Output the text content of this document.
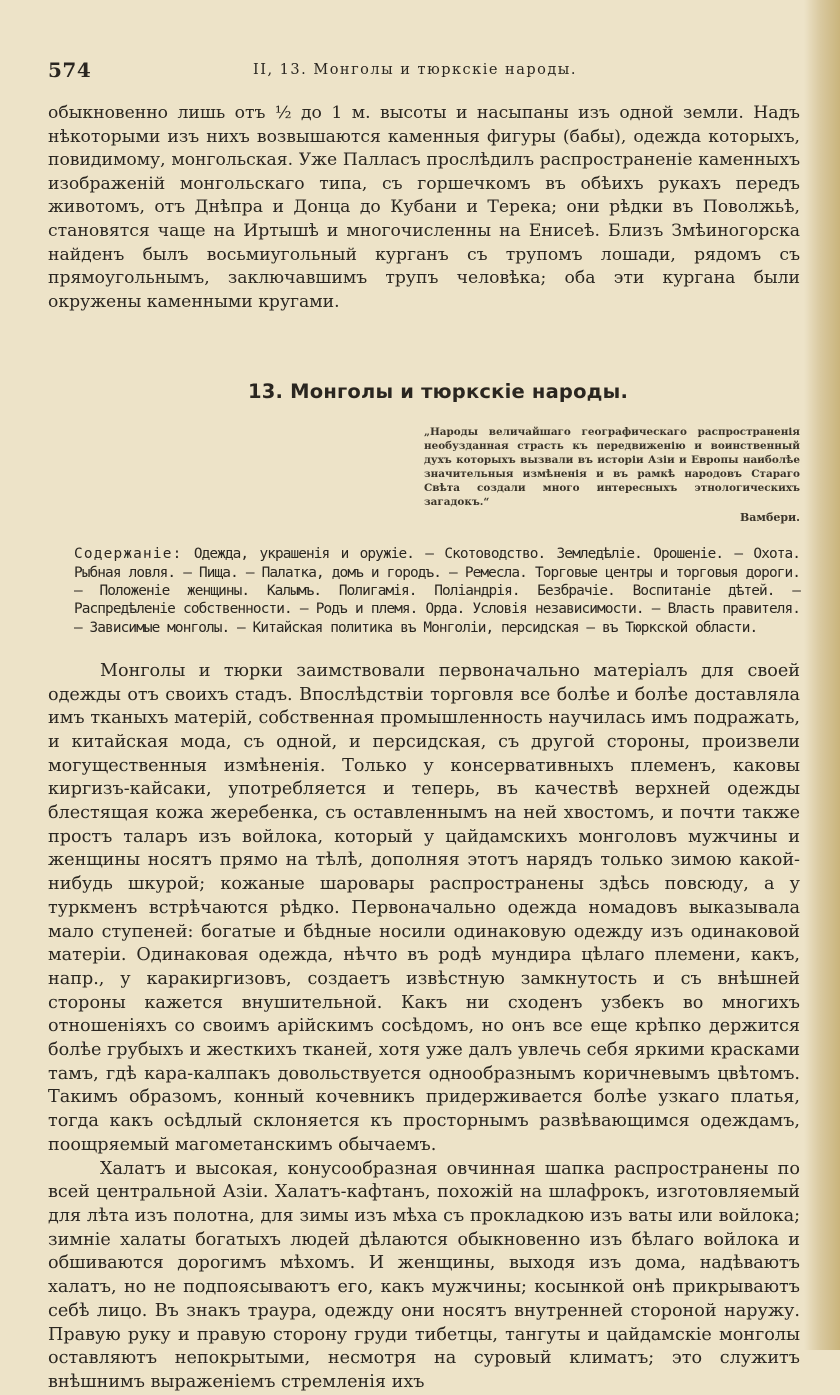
574	II, 13. Монголы и тюркскіе народы.

обыкновенно лишь отъ ½ до 1 м. высоты и насыпаны изъ одной земли. Надъ нѣкоторыми изъ нихъ возвышаются каменныя фигуры (бабы), одежда которыхъ, повидимому, монгольская. Уже Палласъ прослѣдилъ распространеніе каменныхъ изображеній монгольскаго типа, съ горшечкомъ въ обѣихъ рукахъ передъ животомъ, отъ Днѣпра и Донца до Кубани и Терека; они рѣдки въ Поволжьѣ, становятся чаще на Иртышѣ и многочисленны на Енисеѣ. Близъ Змѣиногорска найденъ былъ восьмиугольный курганъ съ трупомъ лошади, рядомъ съ прямоугольнымъ, заключавшимъ трупъ человѣка; оба эти кургана были окружены каменными кругами.

13. Монголы и тюркскіе народы.
„Народы величайшаго географическаго распространенія необузданная страсть къ передвиженію и воинственный духъ которыхъ вызвали въ исторіи Азіи и Европы наиболѣе значительныя измѣненія и въ рамкѣ народовъ Стараго Свѣта создали много интересныхъ этнологическихъ загадокъ.“
Вамбери.
Содержаніе: Одежда, украшенія и оружіе. — Скотоводство. Земледѣліе. Орошеніе. — Охота. Рыбная ловля. — Пища. — Палатка, домъ и городъ. — Ремесла. Торговые центры и торговыя дороги. — Положеніе женщины. Калымъ. Полигамія. Поліандрія. Безбрачіе. Воспитаніе дѣтей. — Распредѣленіе собственности. — Родъ и племя. Орда. Условія независимости. — Власть правителя. — Зависимые монголы. — Китайская политика въ Монголіи, персидская — въ Тюркской области.

Монголы и тюрки заимствовали первоначально матеріалъ для своей одежды отъ своихъ стадъ. Впослѣдствіи торговля все болѣе и болѣе доставляла имъ тканыхъ матерій, собственная промышленность научилась имъ подражать, и китайская мода, съ одной, и персидская, съ другой стороны, произвели могущественныя измѣненія. Только у консервативныхъ племенъ, каковы киргизъ-кайсаки, употребляется и теперь, въ качествѣ верхней одежды блестящая кожа жеребенка, съ оставленнымъ на ней хвостомъ, и почти также простъ таларъ изъ войлока, который у цайдамскихъ монголовъ мужчины и женщины носятъ прямо на тѣлѣ, дополняя этотъ нарядъ только зимою какой-нибудь шкурой; кожаные шаровары распространены здѣсь повсюду, а у туркменъ встрѣчаются рѣдко. Первоначально одежда номадовъ выказывала мало ступеней: богатые и бѣдные носили одинаковую одежду изъ одинаковой матеріи. Одинаковая одежда, нѣчто въ родѣ мундира цѣлаго племени, какъ, напр., у каракиргизовъ, создаетъ извѣстную замкнутость и съ внѣшней стороны кажется внушительной. Какъ ни сходенъ узбекъ во многихъ отношеніяхъ со своимъ арійскимъ сосѣдомъ, но онъ все еще крѣпко держится болѣе грубыхъ и жесткихъ тканей, хотя уже далъ увлечь себя яркими красками тамъ, гдѣ кара-калпакъ довольствуется однообразнымъ коричневымъ цвѣтомъ. Такимъ образомъ, конный кочевникъ придерживается болѣе узкаго платья, тогда какъ осѣдлый склоняется къ просторнымъ развѣвающимся одеждамъ, поощряемый магометанскимъ обычаемъ.

Халатъ и высокая, конусообразная овчинная шапка распространены по всей центральной Азіи. Халатъ-кафтанъ, похожій на шлафрокъ, изготовляемый для лѣта изъ полотна, для зимы изъ мѣха съ прокладкою изъ ваты или войлока; зимніе халаты богатыхъ людей дѣлаются обыкновенно изъ бѣлаго войлока и обшиваются дорогимъ мѣхомъ. И женщины, выходя изъ дома, надѣваютъ халатъ, но не подпоясываютъ его, какъ мужчины; косынкой онѣ прикрываютъ себѣ лицо. Въ знакъ траура, одежду они носятъ внутренней стороной наружу. Правую руку и правую сторону груди тибетцы, тангуты и цайдамскіе монголы оставляютъ непокрытыми, несмотря на суровый климатъ; это служитъ внѣшнимъ выраженіемъ стремленія ихъ
